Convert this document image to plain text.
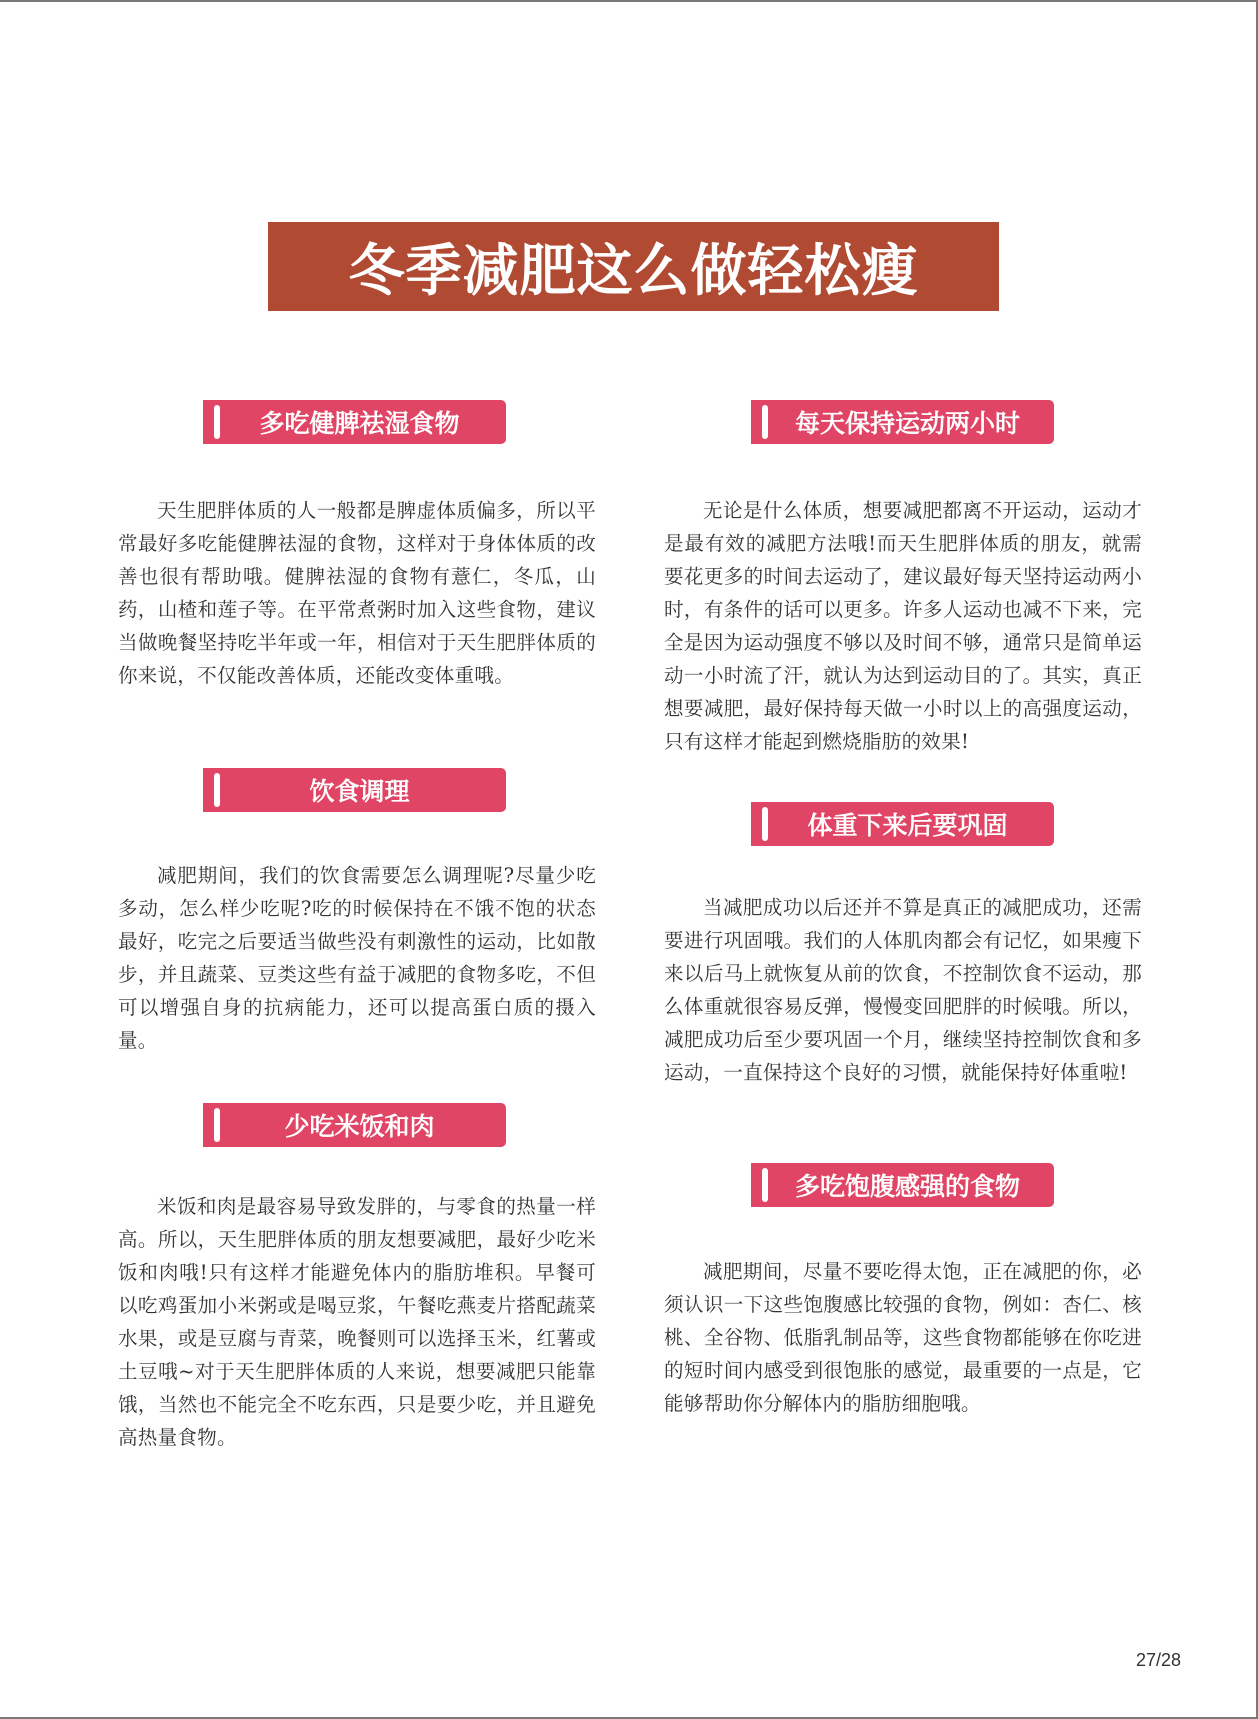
冬季减肥这么做轻松瘦
多吃健脾祛湿食物

天生肥胖体质的人一般都是脾虚体质偏多，所以平常最好多吃能健脾祛湿的食物，这样对于身体体质的改善也很有帮助哦。健脾祛湿的食物有薏仁，冬瓜，山药，山楂和莲子等。在平常煮粥时加入这些食物，建议当做晚餐坚持吃半年或一年，相信对于天生肥胖体质的你来说，不仅能改善体质，还能改变体重哦。

饮食调理

减肥期间，我们的饮食需要怎么调理呢?尽量少吃多动，怎么样少吃呢?吃的时候保持在不饿不饱的状态最好，吃完之后要适当做些没有刺激性的运动，比如散步，并且蔬菜、豆类这些有益于减肥的食物多吃，不但可以增强自身的抗病能力，还可以提高蛋白质的摄入量。

少吃米饭和肉

米饭和肉是最容易导致发胖的，与零食的热量一样高。所以，天生肥胖体质的朋友想要减肥，最好少吃米饭和肉哦!只有这样才能避免体内的脂肪堆积。早餐可以吃鸡蛋加小米粥或是喝豆浆，午餐吃燕麦片搭配蔬菜水果，或是豆腐与青菜，晚餐则可以选择玉米，红薯或土豆哦~对于天生肥胖体质的人来说，想要减肥只能靠饿，当然也不能完全不吃东西，只是要少吃，并且避免高热量食物。

每天保持运动两小时

无论是什么体质，想要减肥都离不开运动，运动才是最有效的减肥方法哦!而天生肥胖体质的朋友，就需要花更多的时间去运动了，建议最好每天坚持运动两小时，有条件的话可以更多。许多人运动也减不下来，完全是因为运动强度不够以及时间不够，通常只是简单运动一小时流了汗，就认为达到运动目的了。其实，真正想要减肥，最好保持每天做一小时以上的高强度运动，只有这样才能起到燃烧脂肪的效果!

体重下来后要巩固

当减肥成功以后还并不算是真正的减肥成功，还需要进行巩固哦。我们的人体肌肉都会有记忆，如果瘦下来以后马上就恢复从前的饮食，不控制饮食不运动，那么体重就很容易反弹，慢慢变回肥胖的时候哦。所以，减肥成功后至少要巩固一个月，继续坚持控制饮食和多运动，一直保持这个良好的习惯，就能保持好体重啦!

多吃饱腹感强的食物

减肥期间，尽量不要吃得太饱，正在减肥的你，必须认识一下这些饱腹感比较强的食物，例如：杏仁、核桃、全谷物、低脂乳制品等，这些食物都能够在你吃进的短时间内感受到很饱胀的感觉，最重要的一点是，它能够帮助你分解体内的脂肪细胞哦。

27/28
